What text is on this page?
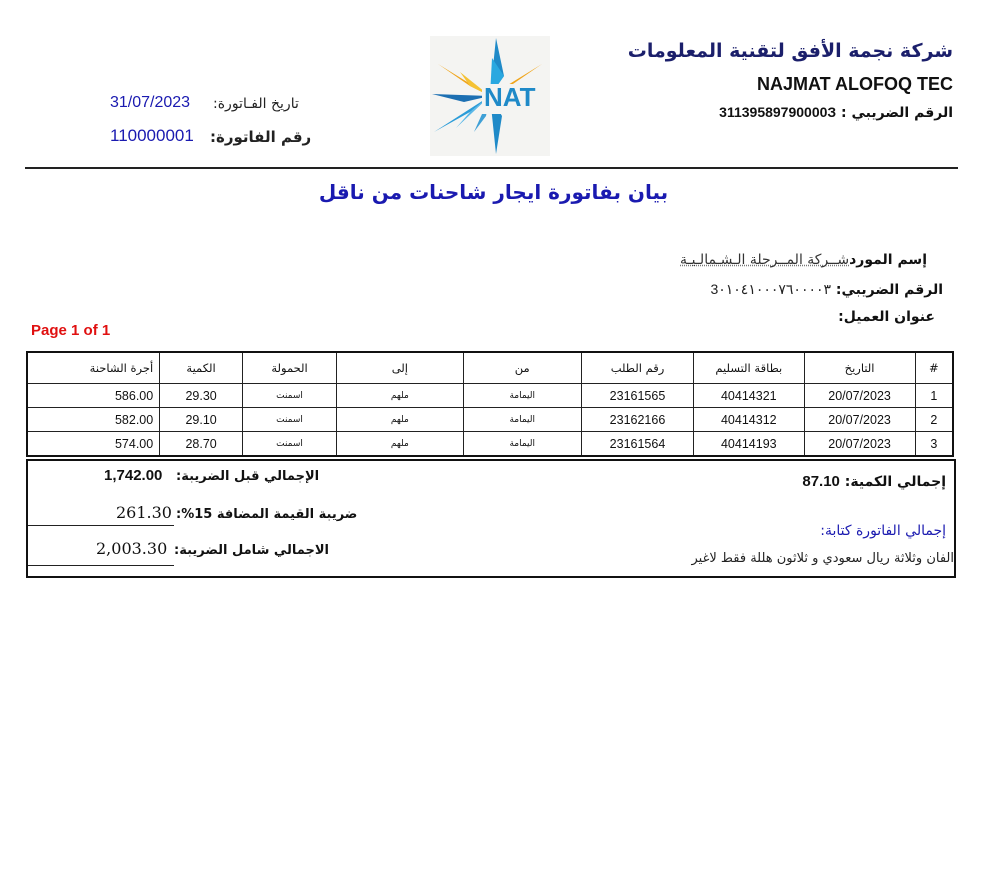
شركة نجمة الأفق لتقنية المعلومات
NAJMAT ALOFOQ TEC
الرقم الضريبي : 31139589790000З
NAT
تاريخ الفـاتورة:
31/07/2023
رقم الفاتورة:
110000001
بيان بفاتورة ايجار شاحنات من ناقل
إسم الموردشــركة المــرحلة الـشـمالـيـة
الرقم الضريبي: 3٠١٠٤١٠٠٠٧٦٠٠٠٠٣
عنوان العميل:
Page 1 of 1
#	التاريخ	بطاقة التسليم	رقم الطلب	من	إلى	الحمولة	الكمية	أجرة الشاحنة
1	20/07/2023	40414321	23161565	اليمامة	ملهم	اسمنت	29.30	586.00
2	20/07/2023	40414312	23162166	اليمامة	ملهم	اسمنت	29.10	582.00
3	20/07/2023	40414193	23161564	اليمامة	ملهم	اسمنت	28.70	574.00
إجمالي الكمية: 87.10
إجمالي الفاتورة كتابة:
الفان وثلاثة ريال سعودي و ثلاثون هللة فقط لاغير
الإجمالي قبل الضريبة:
1,742.00
ضريبة القيمة المضافة 15%:
261.30
الاجمالي شامل الضريبة:
2,003.30
